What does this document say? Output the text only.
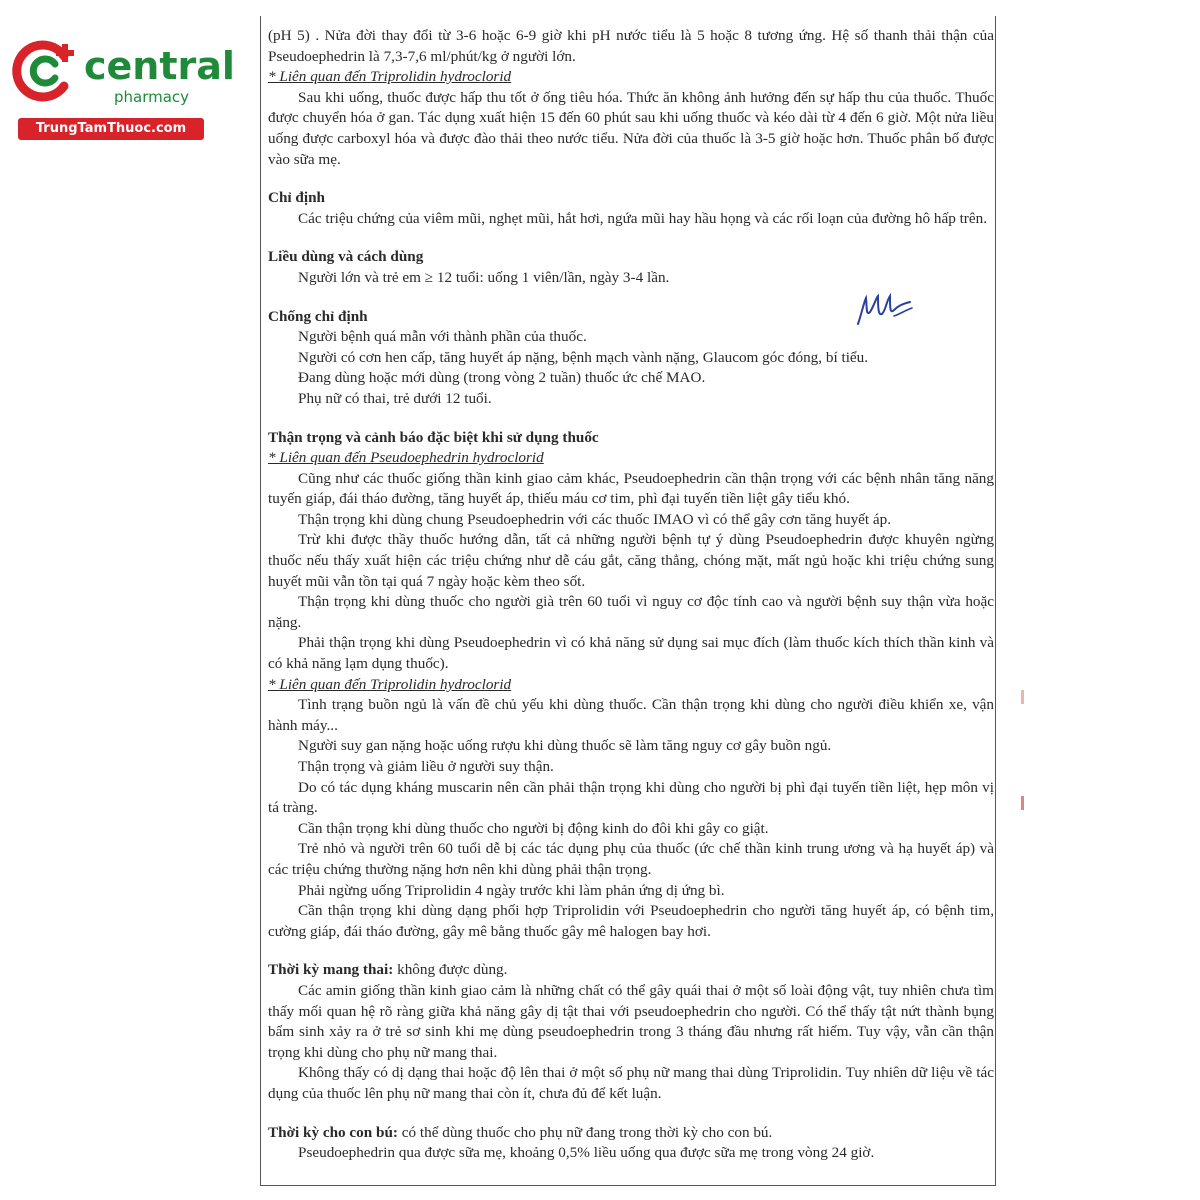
central
pharmacy
TrungTamThuoc.com

(pH 5) . Nửa đời thay đổi từ 3-6 hoặc 6-9 giờ khi pH nước tiểu là 5 hoặc 8 tương ứng. Hệ số thanh thải thận của Pseudoephedrin là 7,3-7,6 ml/phút/kg ở người lớn.

* Liên quan đến Triprolidin hydroclorid

Sau khi uống, thuốc được hấp thu tốt ở ống tiêu hóa. Thức ăn không ảnh hưởng đến sự hấp thu của thuốc. Thuốc được chuyển hóa ở gan. Tác dụng xuất hiện 15 đến 60 phút sau khi uống thuốc và kéo dài từ 4 đến 6 giờ. Một nửa liều uống được carboxyl hóa và được đào thải theo nước tiểu. Nửa đời của thuốc là 3-5 giờ hoặc hơn. Thuốc phân bố được vào sữa mẹ.

Chỉ định

Các triệu chứng của viêm mũi, nghẹt mũi, hắt hơi, ngứa mũi hay hầu họng và các rối loạn của đường hô hấp trên.

Liều dùng và cách dùng

Người lớn và trẻ em ≥ 12 tuổi: uống 1 viên/lần, ngày 3-4 lần.

Chống chỉ định

Người bệnh quá mẫn với thành phần của thuốc.

Người có cơn hen cấp, tăng huyết áp nặng, bệnh mạch vành nặng, Glaucom góc đóng, bí tiểu.

Đang dùng hoặc mới dùng (trong vòng 2 tuần) thuốc ức chế MAO.

Phụ nữ có thai, trẻ dưới 12 tuổi.

Thận trọng và cảnh báo đặc biệt khi sử dụng thuốc

* Liên quan đến Pseudoephedrin hydroclorid

Cũng như các thuốc giống thần kinh giao cảm khác, Pseudoephedrin cần thận trọng với các bệnh nhân tăng năng tuyến giáp, đái tháo đường, tăng huyết áp, thiếu máu cơ tim, phì đại tuyến tiền liệt gây tiểu khó.

Thận trọng khi dùng chung Pseudoephedrin với các thuốc IMAO vì có thể gây cơn tăng huyết áp.

Trừ khi được thầy thuốc hướng dẫn, tất cả những người bệnh tự ý dùng Pseudoephedrin được khuyên ngừng thuốc nếu thấy xuất hiện các triệu chứng như dễ cáu gắt, căng thẳng, chóng mặt, mất ngủ hoặc khi triệu chứng sung huyết mũi vẫn tồn tại quá 7 ngày hoặc kèm theo sốt.

Thận trọng khi dùng thuốc cho người già trên 60 tuổi vì nguy cơ độc tính cao và người bệnh suy thận vừa hoặc nặng.

Phải thận trọng khi dùng Pseudoephedrin vì có khả năng sử dụng sai mục đích (làm thuốc kích thích thần kinh và có khả năng lạm dụng thuốc).

* Liên quan đến Triprolidin hydroclorid

Tình trạng buồn ngủ là vấn đề chủ yếu khi dùng thuốc. Cần thận trọng khi dùng cho người điều khiển xe, vận hành máy...

Người suy gan nặng hoặc uống rượu khi dùng thuốc sẽ làm tăng nguy cơ gây buồn ngủ.

Thận trọng và giảm liều ở người suy thận.

Do có tác dụng kháng muscarin nên cần phải thận trọng khi dùng cho người bị phì đại tuyến tiền liệt, hẹp môn vị tá tràng.

Cần thận trọng khi dùng thuốc cho người bị động kinh do đôi khi gây co giật.

Trẻ nhỏ và người trên 60 tuổi dễ bị các tác dụng phụ của thuốc (ức chế thần kinh trung ương và hạ huyết áp) và các triệu chứng thường nặng hơn nên khi dùng phải thận trọng.

Phải ngừng uống Triprolidin 4 ngày trước khi làm phản ứng dị ứng bì.

Cần thận trọng khi dùng dạng phối hợp Triprolidin với Pseudoephedrin cho người tăng huyết áp, có bệnh tim, cường giáp, đái tháo đường, gây mê bằng thuốc gây mê halogen bay hơi.

Thời kỳ mang thai: không được dùng.

Các amin giống thần kinh giao cảm là những chất có thể gây quái thai ở một số loài động vật, tuy nhiên chưa tìm thấy mối quan hệ rõ ràng giữa khả năng gây dị tật thai với pseudoephedrin cho người. Có thể thấy tật nứt thành bụng bẩm sinh xảy ra ở trẻ sơ sinh khi mẹ dùng pseudoephedrin trong 3 tháng đầu nhưng rất hiếm. Tuy vậy, vẫn cần thận trọng khi dùng cho phụ nữ mang thai.

Không thấy có dị dạng thai hoặc độ lên thai ở một số phụ nữ mang thai dùng Triprolidin. Tuy nhiên dữ liệu về tác dụng của thuốc lên phụ nữ mang thai còn ít, chưa đủ để kết luận.

Thời kỳ cho con bú: có thể dùng thuốc cho phụ nữ đang trong thời kỳ cho con bú.

Pseudoephedrin qua được sữa mẹ, khoảng 0,5% liều uống qua được sữa mẹ trong vòng 24 giờ.
